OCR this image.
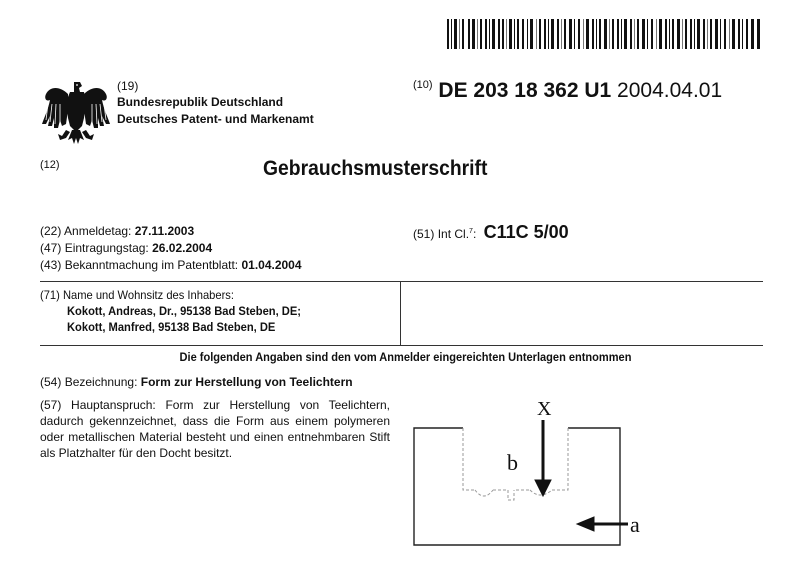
(19)
Bundesrepublik Deutschland
Deutsches Patent- und Markenamt
$^{(10)}$ DE 203 18 362 U1 2004.04.01
(12)	Gebrauchsmusterschrift
(22) Anmeldetag: 27.11.2003
(47) Eintragungstag: 26.02.2004
(43) Bekanntmachung im Patentblatt: 01.04.2004
(51) Int Cl.$^7$: C11C 5/00
(71) Name und Wohnsitz des Inhabers:
Kokott, Andreas, Dr., 95138 Bad Steben, DE;
Kokott, Manfred, 95138 Bad Steben, DE
Die folgenden Angaben sind den vom Anmelder eingereichten Unterlagen entnommen
(54) Bezeichnung: Form zur Herstellung von Teelichtern
(57) Hauptanspruch: Form zur Herstellung von Teelichtern, dadurch gekennzeichnet, dass die Form aus einem polymeren oder metallischen Material besteht und einen entnehmbaren Stift als Platzhalter für den Docht besitzt.
X
b
a
